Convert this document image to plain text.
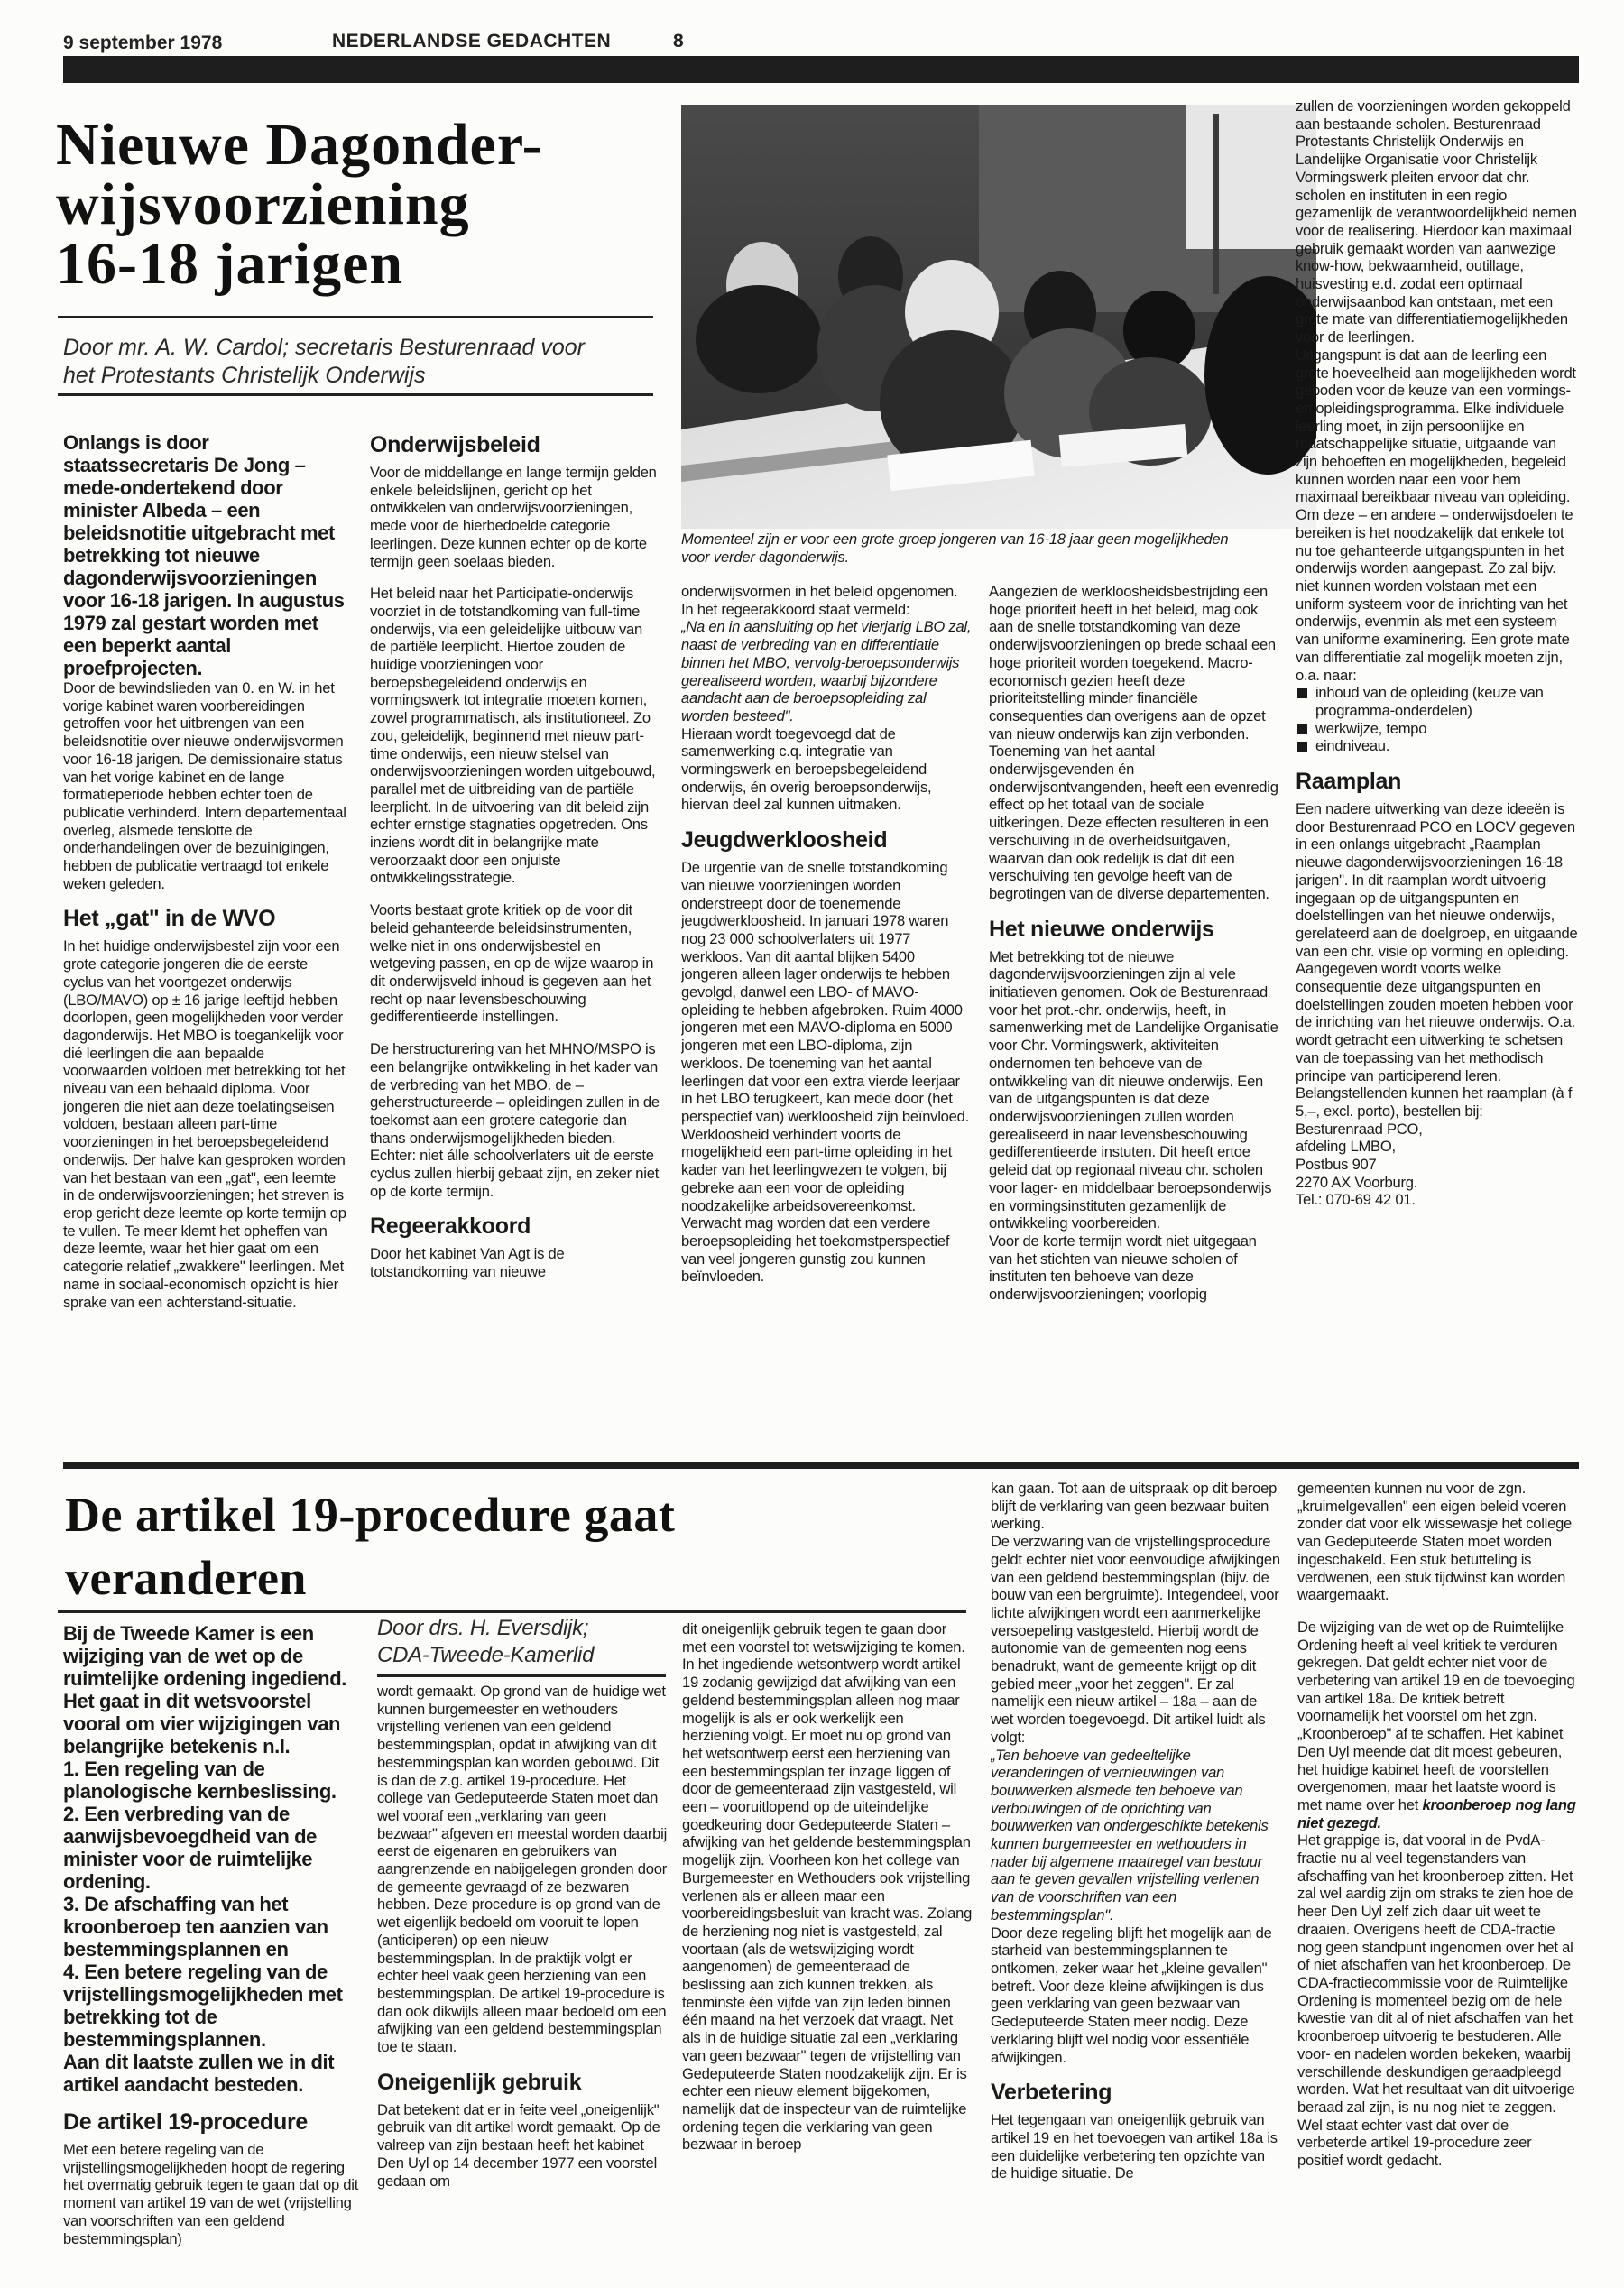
9 september 1978	NEDERLANDSE GEDACHTEN	8
Nieuwe Dagonder-
wijsvoorziening
16-18 jarigen
Door mr. A. W. Cardol; secretaris Besturenraad voor
het Protestants Christelijk Onderwijs
Momenteel zijn er voor een grote groep jongeren van 16-18 jaar geen mogelijkheden
voor verder dagonderwijs.

Onlangs is door staatssecretaris De Jong – mede-ondertekend door minister Albeda – een beleidsnotitie uitgebracht met betrekking tot nieuwe dagonderwijsvoorzieningen voor 16-18 jarigen. In augustus 1979 zal gestart worden met een beperkt aantal proefprojecten.

Door de bewindslieden van 0. en W. in het vorige kabinet waren voorbereidingen getroffen voor het uitbrengen van een beleidsnotitie over nieuwe onderwijsvormen voor 16-18 jarigen. De demissionaire status van het vorige kabinet en de lange formatieperiode hebben echter toen de publicatie verhinderd. Intern departementaal overleg, alsmede tenslotte de onderhandelingen over de bezuinigingen, hebben de publicatie vertraagd tot enkele weken geleden.

Het „gat" in de WVO

In het huidige onderwijsbestel zijn voor een grote categorie jongeren die de eerste cyclus van het voortgezet onderwijs (LBO/MAVO) op ± 16 jarige leeftijd hebben doorlopen, geen mogelijkheden voor verder dagonderwijs. Het MBO is toegankelijk voor dié leerlingen die aan bepaalde voorwaarden voldoen met betrekking tot het niveau van een behaald diploma. Voor jongeren die niet aan deze toelatingseisen voldoen, bestaan alleen part-time voorzieningen in het beroepsbegeleidend onderwijs. Der halve kan gesproken worden van het bestaan van een „gat", een leemte in de onderwijsvoorzieningen; het streven is erop gericht deze leemte op korte termijn op te vullen. Te meer klemt het opheffen van deze leemte, waar het hier gaat om een categorie relatief „zwakkere" leerlingen. Met name in sociaal-economisch opzicht is hier sprake van een achterstand-situatie.

Onderwijsbeleid

Voor de middellange en lange termijn gelden enkele beleidslijnen, gericht op het ontwikkelen van onderwijsvoorzieningen, mede voor de hierbedoelde categorie leerlingen. Deze kunnen echter op de korte termijn geen soelaas bieden.

Het beleid naar het Participatie-onderwijs voorziet in de totstandkoming van full-time onderwijs, via een geleidelijke uitbouw van de partiële leerplicht. Hiertoe zouden de huidige voorzieningen voor beroepsbegeleidend onderwijs en vormingswerk tot integratie moeten komen, zowel programmatisch, als institutioneel. Zo zou, geleidelijk, beginnend met nieuw part-time onderwijs, een nieuw stelsel van onderwijsvoorzieningen worden uitgebouwd, parallel met de uitbreiding van de partiële leerplicht. In de uitvoering van dit beleid zijn echter ernstige stagnaties opgetreden. Ons inziens wordt dit in belangrijke mate veroorzaakt door een onjuiste ontwikkelingsstrategie.

Voorts bestaat grote kritiek op de voor dit beleid gehanteerde beleidsinstrumenten, welke niet in ons onderwijsbestel en wetgeving passen, en op de wijze waarop in dit onderwijsveld inhoud is gegeven aan het recht op naar levensbeschouwing gedifferentieerde instellingen.

De herstructurering van het MHNO/MSPO is een belangrijke ontwikkeling in het kader van de verbreding van het MBO. de – geherstructureerde – opleidingen zullen in de toekomst aan een grotere categorie dan thans onderwijsmogelijkheden bieden. Echter: niet álle schoolverlaters uit de eerste cyclus zullen hierbij gebaat zijn, en zeker niet op de korte termijn.

Regeerakkoord

Door het kabinet Van Agt is de totstandkoming van nieuwe

onderwijsvormen in het beleid opgenomen. In het regeerakkoord staat vermeld:

„Na en in aansluiting op het vierjarig LBO zal, naast de verbreding van en differentiatie binnen het MBO, vervolg-beroepsonderwijs gerealiseerd worden, waarbij bijzondere aandacht aan de beroepsopleiding zal worden besteed".

Hieraan wordt toegevoegd dat de samenwerking c.q. integratie van vormingswerk en beroepsbegeleidend onderwijs, én overig beroepsonderwijs, hiervan deel zal kunnen uitmaken.

Jeugdwerkloosheid

De urgentie van de snelle totstandkoming van nieuwe voorzieningen worden onderstreept door de toenemende jeugdwerkloosheid. In januari 1978 waren nog 23 000 schoolverlaters uit 1977 werkloos. Van dit aantal blijken 5400 jongeren alleen lager onderwijs te hebben gevolgd, danwel een LBO- of MAVO-opleiding te hebben afgebroken. Ruim 4000 jongeren met een MAVO-diploma en 5000 jongeren met een LBO-diploma, zijn werkloos. De toeneming van het aantal leerlingen dat voor een extra vierde leerjaar in het LBO terugkeert, kan mede door (het perspectief van) werkloosheid zijn beïnvloed. Werkloosheid verhindert voorts de mogelijkheid een part-time opleiding in het kader van het leerlingwezen te volgen, bij gebreke aan een voor de opleiding noodzakelijke arbeidsovereenkomst. Verwacht mag worden dat een verdere beroepsopleiding het toekomstperspectief van veel jongeren gunstig zou kunnen beïnvloeden.

Aangezien de werkloosheidsbestrijding een hoge prioriteit heeft in het beleid, mag ook aan de snelle totstandkoming van deze onderwijsvoorzieningen op brede schaal een hoge prioriteit worden toegekend. Macro-economisch gezien heeft deze prioriteitstelling minder financiële consequenties dan overigens aan de opzet van nieuw onderwijs kan zijn verbonden.

Toeneming van het aantal onderwijsgevenden én onderwijsontvangenden, heeft een evenredig effect op het totaal van de sociale uitkeringen. Deze effecten resulteren in een verschuiving in de overheidsuitgaven, waarvan dan ook redelijk is dat dit een verschuiving ten gevolge heeft van de begrotingen van de diverse departementen.

Het nieuwe onderwijs

Met betrekking tot de nieuwe dagonderwijsvoorzieningen zijn al vele initiatieven genomen. Ook de Besturenraad voor het prot.-chr. onderwijs, heeft, in samenwerking met de Landelijke Organisatie voor Chr. Vormingswerk, aktiviteiten ondernomen ten behoeve van de ontwikkeling van dit nieuwe onderwijs. Een van de uitgangspunten is dat deze onderwijsvoorzieningen zullen worden gerealiseerd in naar levensbeschouwing gedifferentieerde instuten. Dit heeft ertoe geleid dat op regionaal niveau chr. scholen voor lager- en middelbaar beroepsonderwijs en vormingsinstituten gezamenlijk de ontwikkeling voorbereiden.

Voor de korte termijn wordt niet uitgegaan van het stichten van nieuwe scholen of instituten ten behoeve van deze onderwijsvoorzieningen; voorlopig

zullen de voorzieningen worden gekoppeld aan bestaande scholen. Besturenraad Protestants Christelijk Onderwijs en Landelijke Organisatie voor Christelijk Vormingswerk pleiten ervoor dat chr. scholen en instituten in een regio gezamenlijk de verantwoordelijkheid nemen voor de realisering. Hierdoor kan maximaal gebruik gemaakt worden van aanwezige know-how, bekwaamheid, outillage, huisvesting e.d. zodat een optimaal onderwijsaanbod kan ontstaan, met een grote mate van differentiatiemogelijkheden voor de leerlingen.

Uitgangspunt is dat aan de leerling een grote hoeveelheid aan mogelijkheden wordt geboden voor de keuze van een vormings- en opleidingsprogramma. Elke individuele leerling moet, in zijn persoonlijke en maatschappelijke situatie, uitgaande van zijn behoeften en mogelijkheden, begeleid kunnen worden naar een voor hem maximaal bereikbaar niveau van opleiding.

Om deze – en andere – onderwijsdoelen te bereiken is het noodzakelijk dat enkele tot nu toe gehanteerde uitgangspunten in het onderwijs worden aangepast. Zo zal bijv. niet kunnen worden volstaan met een uniform systeem voor de inrichting van het onderwijs, evenmin als met een systeem van uniforme examinering. Een grote mate van differentiatie zal mogelijk moeten zijn, o.a. naar:

inhoud van de opleiding (keuze van programma-onderdelen)
werkwijze, tempo
eindniveau.
Raamplan

Een nadere uitwerking van deze ideeën is door Besturenraad PCO en LOCV gegeven in een onlangs uitgebracht „Raamplan nieuwe dagonderwijsvoorzieningen 16-18 jarigen". In dit raamplan wordt uitvoerig ingegaan op de uitgangspunten en doelstellingen van het nieuwe onderwijs, gerelateerd aan de doelgroep, en uitgaande van een chr. visie op vorming en opleiding. Aangegeven wordt voorts welke consequentie deze uitgangspunten en doelstellingen zouden moeten hebben voor de inrichting van het nieuwe onderwijs. O.a. wordt getracht een uitwerking te schetsen van de toepassing van het methodisch principe van participerend leren.

Belangstellenden kunnen het raamplan (à f 5,–, excl. porto), bestellen bij:

Besturenraad PCO,
afdeling LMBO,
Postbus 907
2270 AX Voorburg.
Tel.: 070-69 42 01.
De artikel 19-procedure gaat
veranderen

Bij de Tweede Kamer is een wijziging van de wet op de ruimtelijke ordening ingediend. Het gaat in dit wetsvoorstel vooral om vier wijzigingen van belangrijke betekenis n.l.

1. Een regeling van de planologische kernbeslissing.

2. Een verbreding van de aanwijsbevoegdheid van de minister voor de ruimtelijke ordening.

3. De afschaffing van het kroonberoep ten aanzien van bestemmingsplannen en

4. Een betere regeling van de vrijstellingsmogelijkheden met betrekking tot de bestemmingsplannen.

Aan dit laatste zullen we in dit artikel aandacht besteden.

De artikel 19-procedure

Met een betere regeling van de vrijstellingsmogelijkheden hoopt de regering het overmatig gebruik tegen te gaan dat op dit moment van artikel 19 van de wet (vrijstelling van voorschriften van een geldend bestemmingsplan)

Door drs. H. Eversdijk;
CDA-Tweede-Kamerlid

wordt gemaakt. Op grond van de huidige wet kunnen burgemeester en wethouders vrijstelling verlenen van een geldend bestemmingsplan, opdat in afwijking van dit bestemmingsplan kan worden gebouwd. Dit is dan de z.g. artikel 19-procedure. Het college van Gedeputeerde Staten moet dan wel vooraf een „verklaring van geen bezwaar" afgeven en meestal worden daarbij eerst de eigenaren en gebruikers van aangrenzende en nabijgelegen gronden door de gemeente gevraagd of ze bezwaren hebben. Deze procedure is op grond van de wet eigenlijk bedoeld om vooruit te lopen (anticiperen) op een nieuw bestemmingsplan. In de praktijk volgt er echter heel vaak geen herziening van een bestemmingsplan. De artikel 19-procedure is dan ook dikwijls alleen maar bedoeld om een afwijking van een geldend bestemmingsplan toe te staan.

Oneigenlijk gebruik

Dat betekent dat er in feite veel „oneigenlijk" gebruik van dit artikel wordt gemaakt. Op de valreep van zijn bestaan heeft het kabinet Den Uyl op 14 december 1977 een voorstel gedaan om

dit oneigenlijk gebruik tegen te gaan door met een voorstel tot wetswijziging te komen. In het ingediende wetsontwerp wordt artikel 19 zodanig gewijzigd dat afwijking van een geldend bestemmingsplan alleen nog maar mogelijk is als er ook werkelijk een herziening volgt. Er moet nu op grond van het wetsontwerp eerst een herziening van een bestemmingsplan ter inzage liggen of door de gemeenteraad zijn vastgesteld, wil een – vooruitlopend op de uiteindelijke goedkeuring door Gedeputeerde Staten – afwijking van het geldende bestemmingsplan mogelijk zijn. Voorheen kon het college van Burgemeester en Wethouders ook vrijstelling verlenen als er alleen maar een voorbereidingsbesluit van kracht was. Zolang de herziening nog niet is vastgesteld, zal voortaan (als de wetswijziging wordt aangenomen) de gemeenteraad de beslissing aan zich kunnen trekken, als tenminste één vijfde van zijn leden binnen één maand na het verzoek dat vraagt. Net als in de huidige situatie zal een „verklaring van geen bezwaar" tegen de vrijstelling van Gedeputeerde Staten noodzakelijk zijn. Er is echter een nieuw element bijgekomen, namelijk dat de inspecteur van de ruimtelijke ordening tegen die verklaring van geen bezwaar in beroep

kan gaan. Tot aan de uitspraak op dit beroep blijft de verklaring van geen bezwaar buiten werking.

De verzwaring van de vrijstellingsprocedure geldt echter niet voor eenvoudige afwijkingen van een geldend bestemmingsplan (bijv. de bouw van een bergruimte). Integendeel, voor lichte afwijkingen wordt een aanmerkelijke versoepeling vastgesteld. Hierbij wordt de autonomie van de gemeenten nog eens benadrukt, want de gemeente krijgt op dit gebied meer „voor het zeggen". Er zal namelijk een nieuw artikel – 18a – aan de wet worden toegevoegd. Dit artikel luidt als volgt:

„Ten behoeve van gedeeltelijke veranderingen of vernieuwingen van bouwwerken alsmede ten behoeve van verbouwingen of de oprichting van bouwwerken van ondergeschikte betekenis kunnen burgemeester en wethouders in nader bij algemene maatregel van bestuur aan te geven gevallen vrijstelling verlenen van de voorschriften van een bestemmingsplan".

Door deze regeling blijft het mogelijk aan de starheid van bestemmingsplannen te ontkomen, zeker waar het „kleine gevallen" betreft. Voor deze kleine afwijkingen is dus geen verklaring van geen bezwaar van Gedeputeerde Staten meer nodig. Deze verklaring blijft wel nodig voor essentiële afwijkingen.

Verbetering

Het tegengaan van oneigenlijk gebruik van artikel 19 en het toevoegen van artikel 18a is een duidelijke verbetering ten opzichte van de huidige situatie. De

gemeenten kunnen nu voor de zgn. „kruimelgevallen" een eigen beleid voeren zonder dat voor elk wissewasje het college van Gedeputeerde Staten moet worden ingeschakeld. Een stuk betutteling is verdwenen, een stuk tijdwinst kan worden waargemaakt.

De wijziging van de wet op de Ruimtelijke Ordening heeft al veel kritiek te verduren gekregen. Dat geldt echter niet voor de verbetering van artikel 19 en de toevoeging van artikel 18a. De kritiek betreft voornamelijk het voorstel om het zgn. „Kroonberoep" af te schaffen. Het kabinet Den Uyl meende dat dit moest gebeuren, het huidige kabinet heeft de voorstellen overgenomen, maar het laatste woord is met name over het kroonberoep nog lang niet gezegd.

Het grappige is, dat vooral in de PvdA-fractie nu al veel tegenstanders van afschaffing van het kroonberoep zitten. Het zal wel aardig zijn om straks te zien hoe de heer Den Uyl zelf zich daar uit weet te draaien. Overigens heeft de CDA-fractie nog geen standpunt ingenomen over het al of niet afschaffen van het kroonberoep. De CDA-fractiecommissie voor de Ruimtelijke Ordening is momenteel bezig om de hele kwestie van dit al of niet afschaffen van het kroonberoep uitvoerig te bestuderen. Alle voor- en nadelen worden bekeken, waarbij verschillende deskundigen geraadpleegd worden. Wat het resultaat van dit uitvoerige beraad zal zijn, is nu nog niet te zeggen. Wel staat echter vast dat over de verbeterde artikel 19-procedure zeer positief wordt gedacht.
